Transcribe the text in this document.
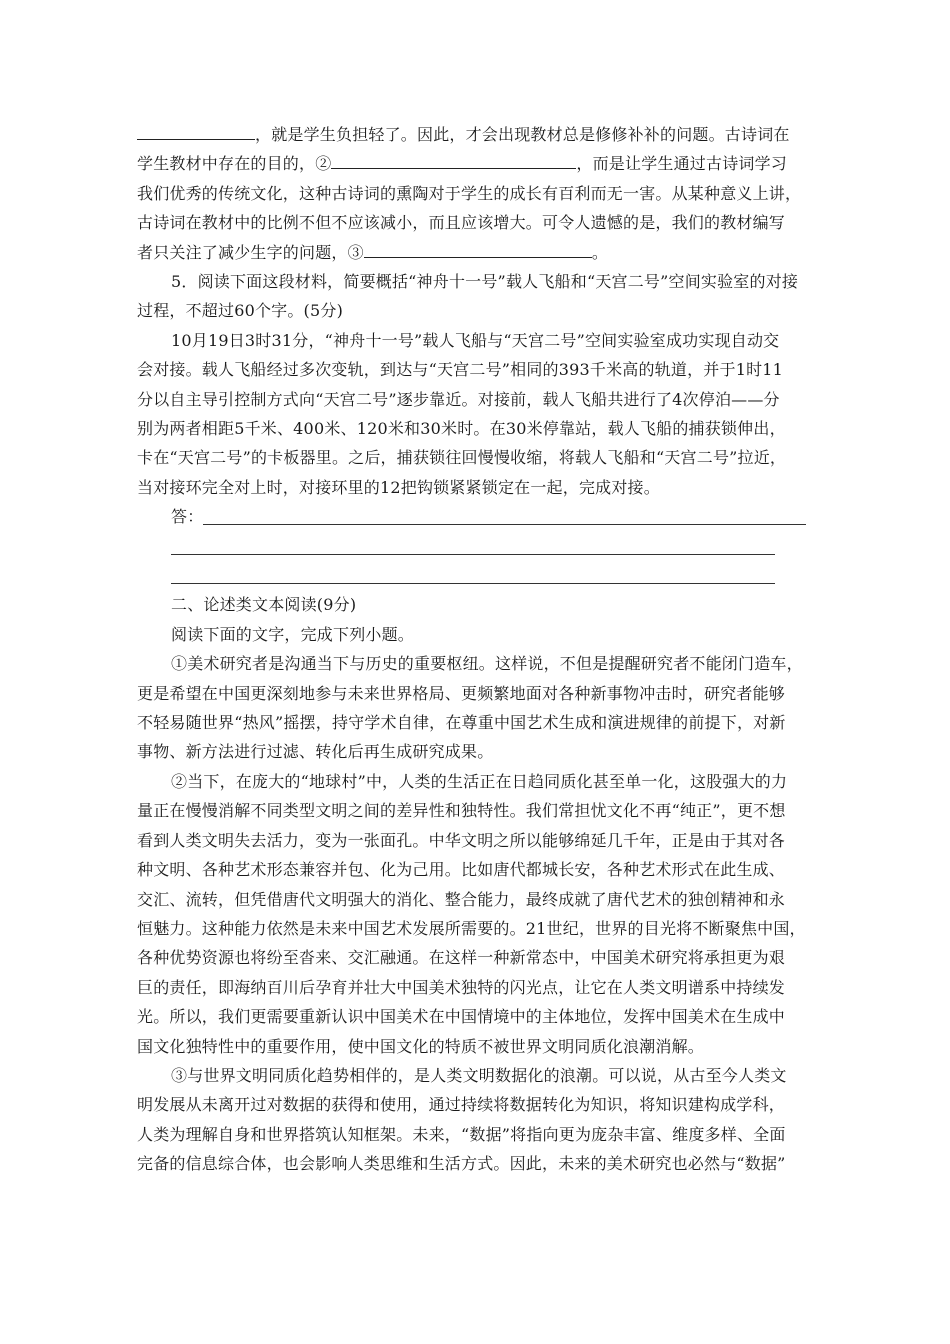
，就是学生负担轻了。因此，才会出现教材总是修修补补的问题。古诗词在

学生教材中存在的目的，②	，而是让学生通过古诗词学习

我们优秀的传统文化，这种古诗词的熏陶对于学生的成长有百利而无一害。从某种意义上讲，

古诗词在教材中的比例不但不应该减小，而且应该增大。可令人遗憾的是，我们的教材编写

者只关注了减少生字的问题，③	。

5．阅读下面这段材料，简要概括“神舟十一号”载人飞船和“天宫二号”空间实验室的对接

过程，不超过60个字。(5分)

10月19日3时31分，“神舟十一号”载人飞船与“天宫二号”空间实验室成功实现自动交

会对接。载人飞船经过多次变轨，到达与“天宫二号”相同的393千米高的轨道，并于1时11

分以自主导引控制方式向“天宫二号”逐步靠近。对接前，载人飞船共进行了4次停泊——分

别为两者相距5千米、400米、120米和30米时。在30米停靠站，载人飞船的捕获锁伸出，

卡在“天宫二号”的卡板器里。之后，捕获锁往回慢慢收缩，将载人飞船和“天宫二号”拉近，

当对接环完全对上时，对接环里的12把钩锁紧紧锁定在一起，完成对接。

答：

二、论述类文本阅读(9分)

阅读下面的文字，完成下列小题。

①美术研究者是沟通当下与历史的重要枢纽。这样说，不但是提醒研究者不能闭门造车，

更是希望在中国更深刻地参与未来世界格局、更频繁地面对各种新事物冲击时，研究者能够

不轻易随世界“热风”摇摆，持守学术自律，在尊重中国艺术生成和演进规律的前提下，对新

事物、新方法进行过滤、转化后再生成研究成果。

②当下，在庞大的“地球村”中，人类的生活正在日趋同质化甚至单一化，这股强大的力

量正在慢慢消解不同类型文明之间的差异性和独特性。我们常担忧文化不再“纯正”，更不想

看到人类文明失去活力，变为一张面孔。中华文明之所以能够绵延几千年，正是由于其对各

种文明、各种艺术形态兼容并包、化为己用。比如唐代都城长安，各种艺术形式在此生成、

交汇、流转，但凭借唐代文明强大的消化、整合能力，最终成就了唐代艺术的独创精神和永

恒魅力。这种能力依然是未来中国艺术发展所需要的。21世纪，世界的目光将不断聚焦中国，

各种优势资源也将纷至沓来、交汇融通。在这样一种新常态中，中国美术研究将承担更为艰

巨的责任，即海纳百川后孕育并壮大中国美术独特的闪光点，让它在人类文明谱系中持续发

光。所以，我们更需要重新认识中国美术在中国情境中的主体地位，发挥中国美术在生成中

国文化独特性中的重要作用，使中国文化的特质不被世界文明同质化浪潮消解。

③与世界文明同质化趋势相伴的，是人类文明数据化的浪潮。可以说，从古至今人类文

明发展从未离开过对数据的获得和使用，通过持续将数据转化为知识，将知识建构成学科，

人类为理解自身和世界搭筑认知框架。未来，“数据”将指向更为庞杂丰富、维度多样、全面

完备的信息综合体，也会影响人类思维和生活方式。因此，未来的美术研究也必然与“数据”
